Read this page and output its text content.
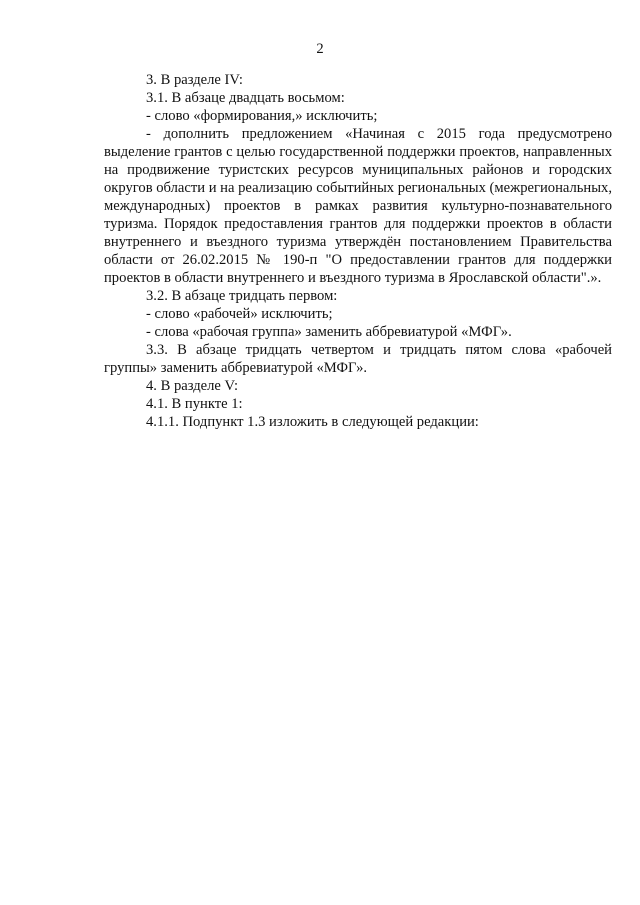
2

3. В разделе IV:

3.1. В абзаце двадцать восьмом:

- слово «формирования,» исключить;

- дополнить предложением «Начиная с 2015 года предусмотрено выделение грантов с целью государственной поддержки проектов, направленных на продвижение туристских ресурсов муниципальных районов и городских округов области и на реализацию событийных региональных (межрегиональных, международных) проектов в рамках развития культурно-познавательного туризма. Порядок предоставления грантов для поддержки проектов в области внутреннего и въездного туризма утверждён постановлением Правительства области от 26.02.2015 № 190-п "О предоставлении грантов для поддержки проектов в области внутреннего и въездного туризма в Ярославской области".».

3.2. В абзаце тридцать первом:

- слово «рабочей» исключить;

- слова «рабочая группа» заменить аббревиатурой «МФГ».

3.3. В абзаце тридцать четвертом и тридцать пятом слова «рабочей группы» заменить аббревиатурой «МФГ».

4. В разделе V:

4.1. В пункте 1:

4.1.1. Подпункт 1.3 изложить в следующей редакции:
